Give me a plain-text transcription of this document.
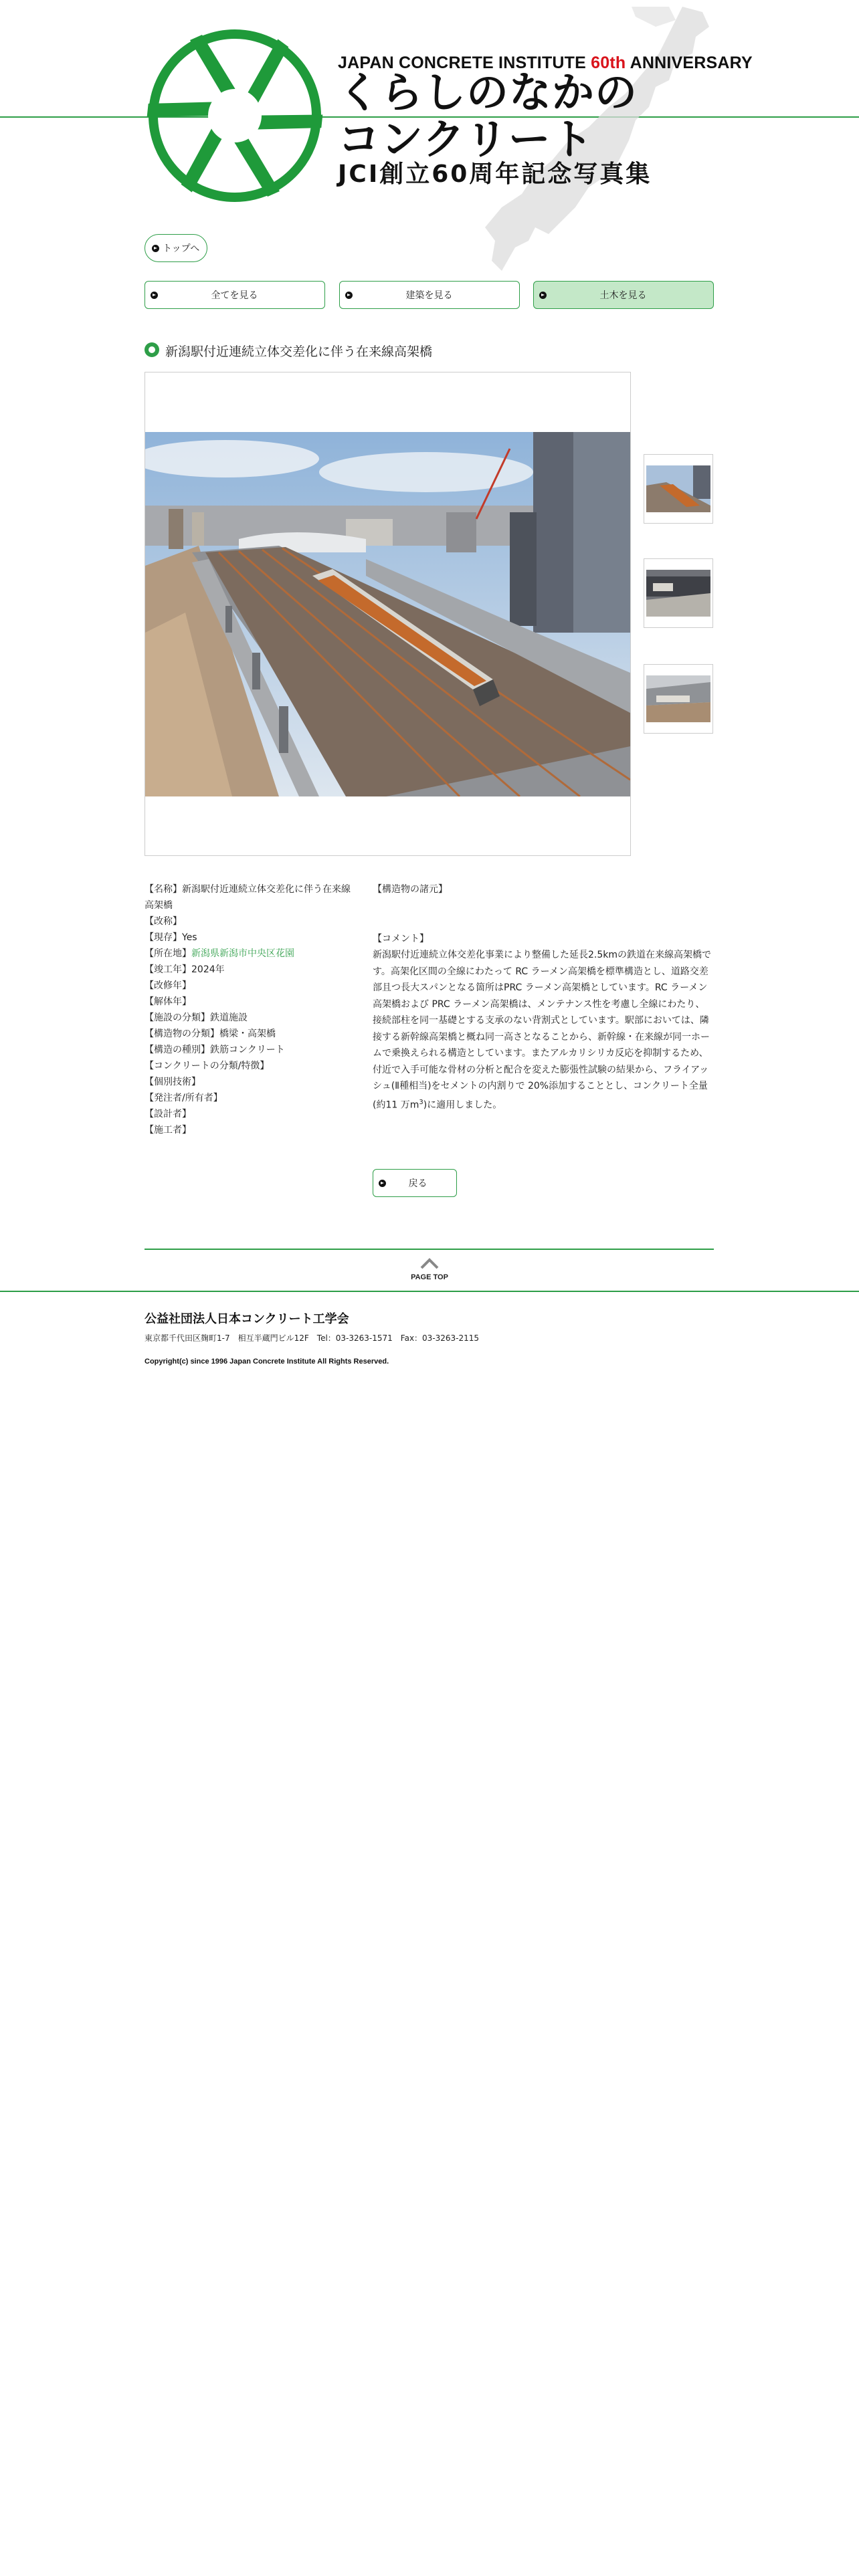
JAPAN CONCRETE INSTITUTE 60th ANNIVERSARY
くらしのなかの
コンクリート
JCI創立60周年記念写真集
トップへ
全てを見る	建築を見る	土木を見る
新潟駅付近連続立体交差化に伴う在来線高架橋
【名称】新潟駅付近連続立体交差化に伴う在来線
高架橋
【改称】
【現存】Yes
【所在地】新潟県新潟市中央区花園
【竣工年】2024年
【改修年】
【解体年】
【施設の分類】鉄道施設
【構造物の分類】橋梁・高架橋
【構造の種別】鉄筋コンクリート
【コンクリートの分類/特徴】
【個別技術】
【発注者/所有者】
【設計者】
【施工者】
【構造物の諸元】
【コメント】
新潟駅付近連続立体交差化事業により整備した延長2.5kmの鉄道在来線高架橋で
す。高架化区間の全線にわたって RC ラーメン高架橋を標準構造とし、道路交差
部且つ長大スパンとなる箇所はPRC ラーメン高架橋としています。RC ラーメン
高架橋および PRC ラーメン高架橋は、メンテナンス性を考慮し全線にわたり、
接続部柱を同一基礎とする支承のない背割式としています。駅部においては、隣
接する新幹線高架橋と概ね同一高さとなることから、新幹線・在来線が同一ホー
ムで乗換えられる構造としています。またアルカリシリカ反応を抑制するため、
付近で入手可能な骨材の分析と配合を変えた膨張性試験の結果から、フライアッ
シュ(Ⅱ種相当)をセメントの内割りで 20%添加することとし、コンクリート全量
(約11 万$m^3$)に適用しました。
戻る
PAGE TOP
公益社団法人日本コンクリート工学会
東京都千代田区麹町1-7　相互半蔵門ビル12F　Tel：03-3263-1571　Fax：03-3263-2115
Copyright(c) since 1996 Japan Concrete Institute All Rights Reserved.
